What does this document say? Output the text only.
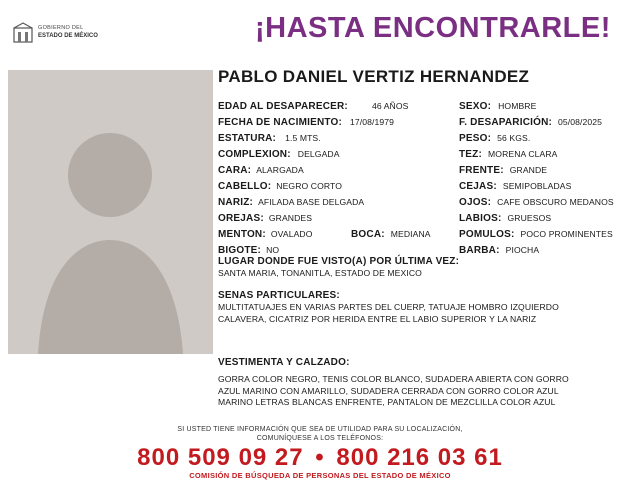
GOBIERNO DEL
ESTADO DE MÉXICO	¡HASTA ENCONTRARLE!
PABLO DANIEL VERTIZ HERNANDEZ
EDAD AL DESAPARECER:	46 AÑOS
FECHA DE NACIMIENTO: 17/08/1979
ESTATURA: 1.5 MTS.
COMPLEXION: DELGADA
CARA: ALARGADA
CABELLO: NEGRO CORTO
NARIZ: AFILADA BASE DELGADA
OREJAS: GRANDES
MENTON: OVALADO	BOCA: MEDIANA
BIGOTE: NO
SEXO: HOMBRE
F. DESAPARICIÓN: 05/08/2025
PESO: 56 KGS.
TEZ: MORENA CLARA
FRENTE: GRANDE
CEJAS: SEMIPOBLADAS
OJOS: CAFE OBSCURO MEDANOS
LABIOS: GRUESOS
POMULOS: POCO PROMINENTES
BARBA: PIOCHA
LUGAR DONDE FUE VISTO(A) POR ÚLTIMA VEZ:
SANTA MARIA, TONANITLA, ESTADO DE MEXICO
SENAS PARTICULARES:
MULTITATUAJES EN VARIAS PARTES DEL CUERP, TATUAJE HOMBRO IZQUIERDO
CALAVERA, CICATRIZ POR HERIDA ENTRE EL LABIO SUPERIOR Y LA NARIZ
VESTIMENTA Y CALZADO:
GORRA COLOR NEGRO, TENIS COLOR BLANCO, SUDADERA ABIERTA CON GORRO
AZUL MARINO CON AMARILLO, SUDADERA CERRADA CON GORRO COLOR AZUL
MARINO LETRAS BLANCAS ENFRENTE, PANTALON DE MEZCLILLA COLOR AZUL
SI USTED TIENE INFORMACIÓN QUE SEA DE UTILIDAD PARA SU LOCALIZACIÓN,
COMUNÍQUESE A LOS TELÉFONOS:
800 509 09 27 • 800 216 03 61
COMISIÓN DE BÚSQUEDA DE PERSONAS DEL ESTADO DE MÉXICO
